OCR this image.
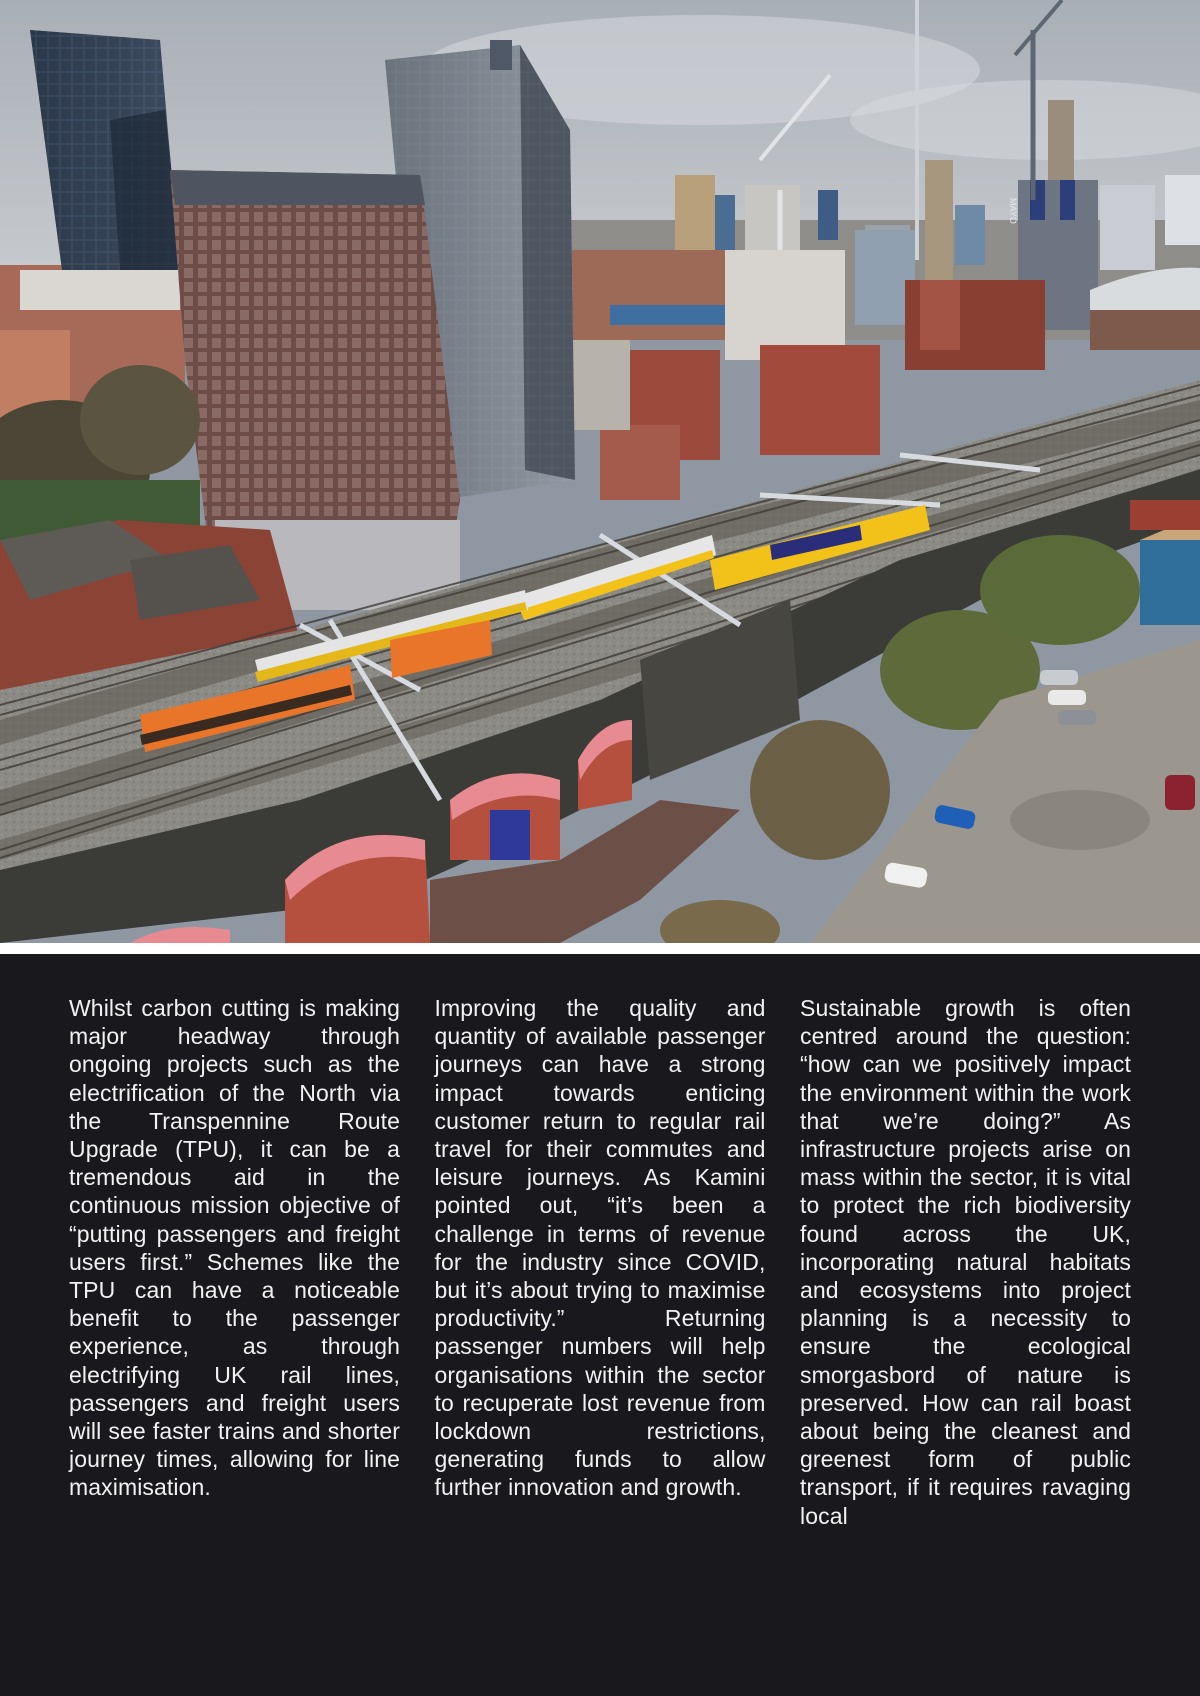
MAYO

Whilst carbon cutting is making major headway through ongoing projects such as the electrification of the North via the Transpennine Route Upgrade (TPU), it can be a tremendous aid in the continuous mission objective of “putting passengers and freight users first.” Schemes like the TPU can have a noticeable benefit to the passenger experience, as through electrifying UK rail lines, passengers and freight users will see faster trains and shorter journey times, allowing for line maximisation.

Improving the quality and quantity of available passenger journeys can have a strong impact towards enticing customer return to regular rail travel for their commutes and leisure journeys. As Kamini pointed out, “it’s been a challenge in terms of revenue for the industry since COVID, but it’s about trying to maximise productivity.” Returning passenger numbers will help organisations within the sector to recuperate lost revenue from lockdown restrictions, generating funds to allow further innovation and growth.

Sustainable growth is often centred around the question: “how can we positively impact the environment within the work that we’re doing?” As infrastructure projects arise on mass within the sector, it is vital to protect the rich biodiversity found across the UK, incorporating natural habitats and ecosystems into project planning is a necessity to ensure the ecological smorgasbord of nature is preserved. How can rail boast about being the cleanest and greenest form of public transport, if it requires ravaging local
